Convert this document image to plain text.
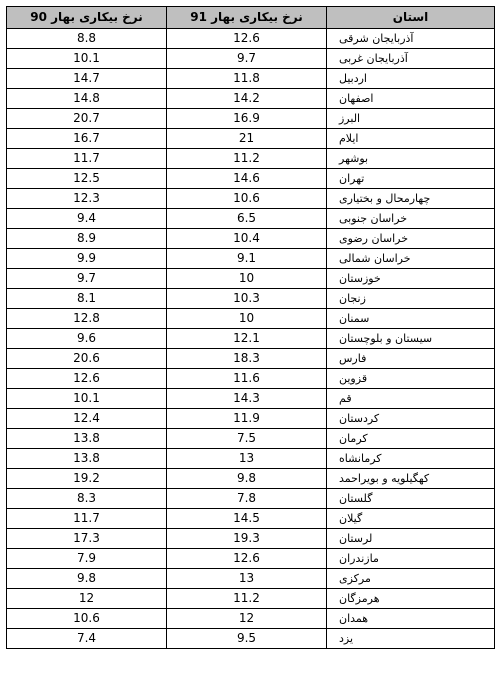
نرخ بیکاری بهار 90	نرخ بیکاری بهار 91	استان
8.8	12.6	آذربایجان شرقی
10.1	9.7	آذربایجان غربی
14.7	11.8	اردبیل
14.8	14.2	اصفهان
20.7	16.9	البرز
16.7	21	ایلام
11.7	11.2	بوشهر
12.5	14.6	تهران
12.3	10.6	چهارمحال و بختیاری
9.4	6.5	خراسان جنوبی
8.9	10.4	خراسان رضوی
9.9	9.1	خراسان شمالی
9.7	10	خوزستان
8.1	10.3	زنجان
12.8	10	سمنان
9.6	12.1	سیستان و بلوچستان
20.6	18.3	فارس
12.6	11.6	قزوین
10.1	14.3	قم
12.4	11.9	کردستان
13.8	7.5	کرمان
13.8	13	کرمانشاه
19.2	9.8	کهگیلویه و بویراحمد
8.3	7.8	گلستان
11.7	14.5	گیلان
17.3	19.3	لرستان
7.9	12.6	مازندران
9.8	13	مرکزی
12	11.2	هرمزگان
10.6	12	همدان
7.4	9.5	یزد
